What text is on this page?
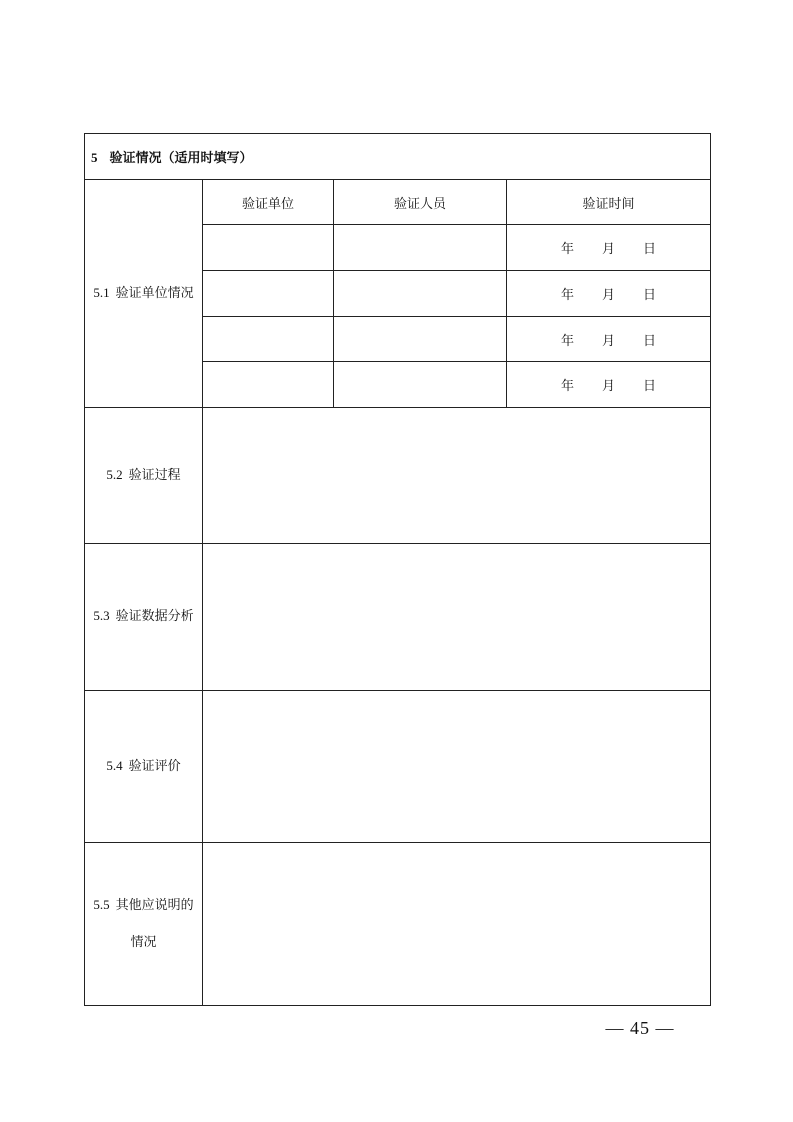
5 验证情况（适用时填写）			
5.1 验证单位情况	验证单位	验证人员	验证时间
			年 月 日
			年 月 日
			年 月 日
			年 月 日
5.2 验证过程			
5.3 验证数据分析			
5.4 验证评价			
5.5 其他应说明的
情况			

— 45 —
